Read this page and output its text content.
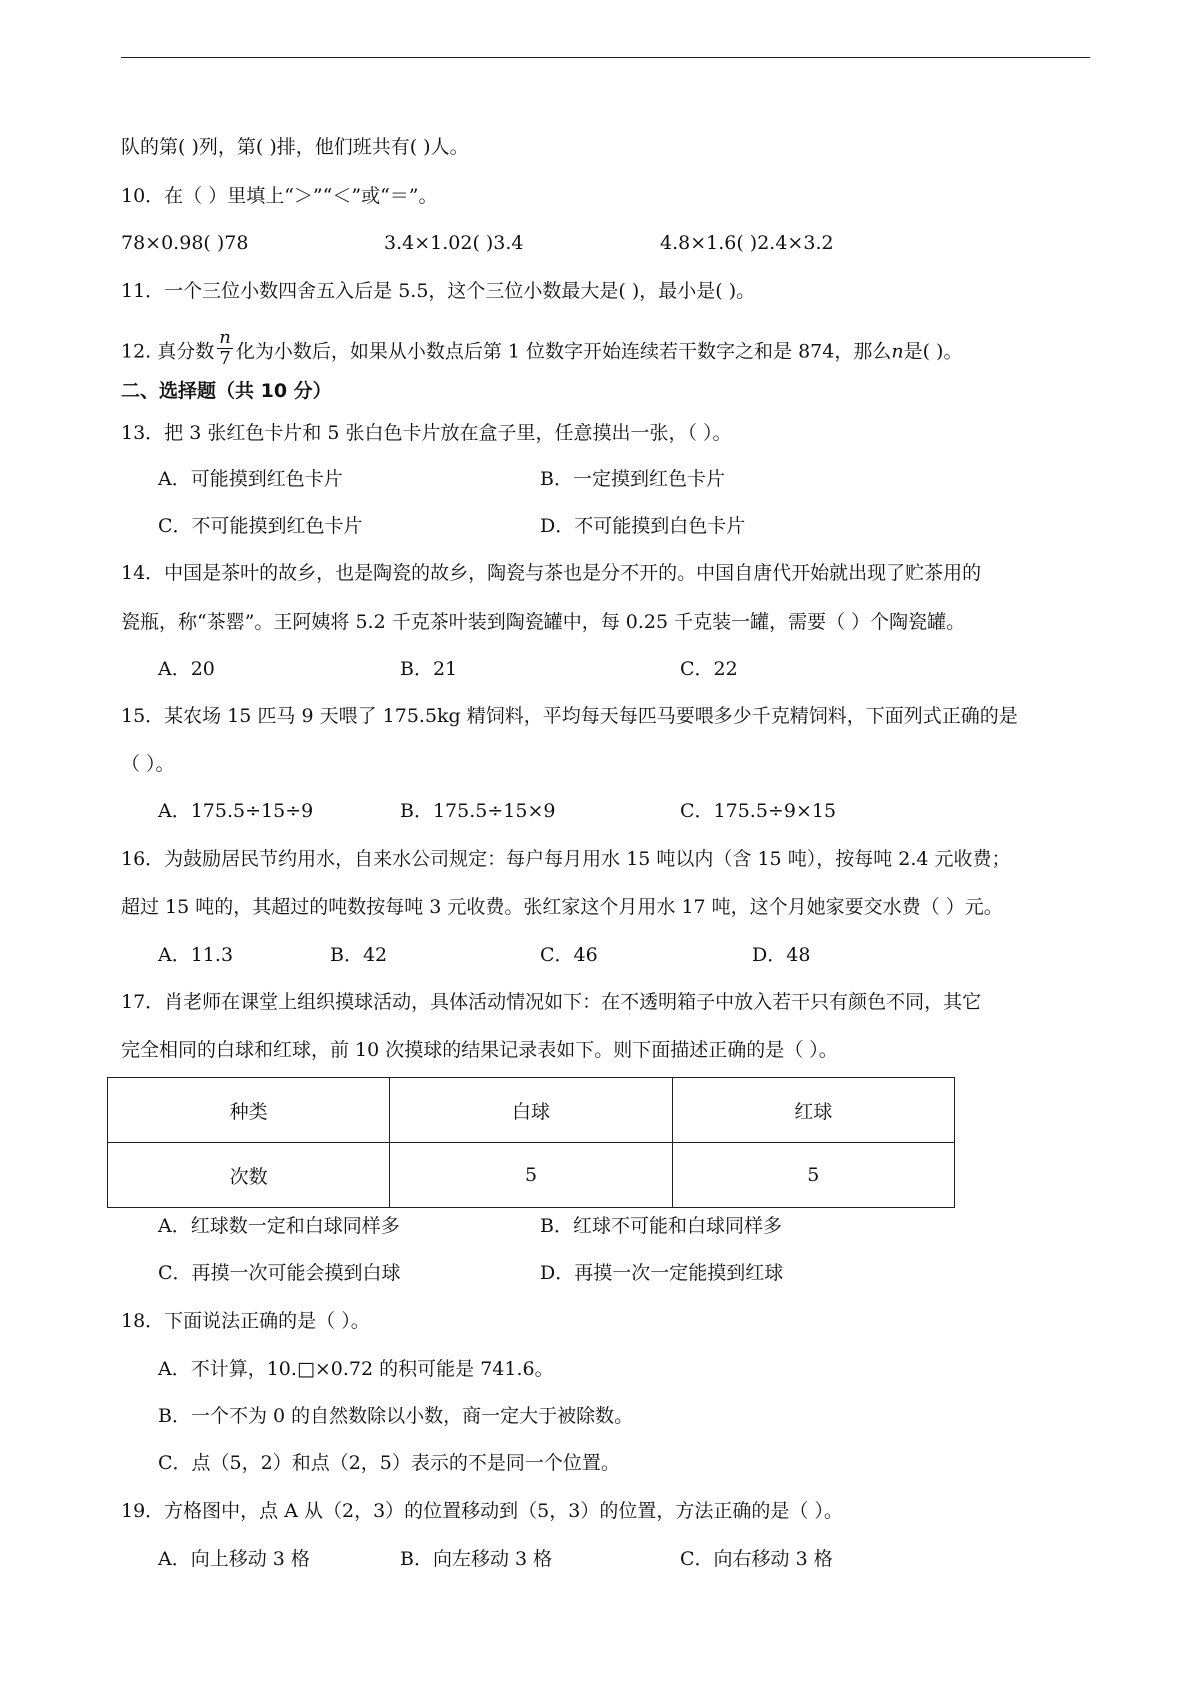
队的第( )列，第( )排，他们班共有( )人。
10．在（ ）里填上“＞”“＜”或“＝”。
78×0.98( )78	3.4×1.02( )3.4	4.8×1.6( )2.4×3.2
11．一个三位小数四舍五入后是 5.5，这个三位小数最大是( )，最小是( )。
12. 真分数 $\frac{n}{7}$ 化为小数后，如果从小数点后第 1 位数字开始连续若干数字之和是 874，那么n是( )。
二、选择题（共 10 分）
13．把 3 张红色卡片和 5 张白色卡片放在盒子里，任意摸出一张，（ ）。
A．可能摸到红色卡片	B．一定摸到红色卡片
C．不可能摸到红色卡片	D．不可能摸到白色卡片
14．中国是茶叶的故乡，也是陶瓷的故乡，陶瓷与茶也是分不开的。中国自唐代开始就出现了贮茶用的
瓷瓶，称“茶罂”。王阿姨将 5.2 千克茶叶装到陶瓷罐中，每 0.25 千克装一罐，需要（ ）个陶瓷罐。
A．20	B．21	C．22
15．某农场 15 匹马 9 天喂了 175.5kg 精饲料，平均每天每匹马要喂多少千克精饲料，下面列式正确的是
（ ）。
A．175.5÷15÷9	B．175.5÷15×9	C．175.5÷9×15
16．为鼓励居民节约用水，自来水公司规定：每户每月用水 15 吨以内（含 15 吨），按每吨 2.4 元收费；
超过 15 吨的，其超过的吨数按每吨 3 元收费。张红家这个月用水 17 吨，这个月她家要交水费（ ）元。
A．11.3	B．42	C．46	D．48
17．肖老师在课堂上组织摸球活动，具体活动情况如下：在不透明箱子中放入若干只有颜色不同，其它
完全相同的白球和红球，前 10 次摸球的结果记录表如下。则下面描述正确的是（ ）。
种类	白球	红球
次数	5	5
A．红球数一定和白球同样多	B．红球不可能和白球同样多
C．再摸一次可能会摸到白球	D．再摸一次一定能摸到红球
18．下面说法正确的是（ ）。
A．不计算，10.□×0.72 的积可能是 741.6。
B．一个不为 0 的自然数除以小数，商一定大于被除数。
C．点（5，2）和点（2，5）表示的不是同一个位置。
19．方格图中，点 A 从（2，3）的位置移动到（5，3）的位置，方法正确的是（ ）。
A．向上移动 3 格	B．向左移动 3 格	C．向右移动 3 格
